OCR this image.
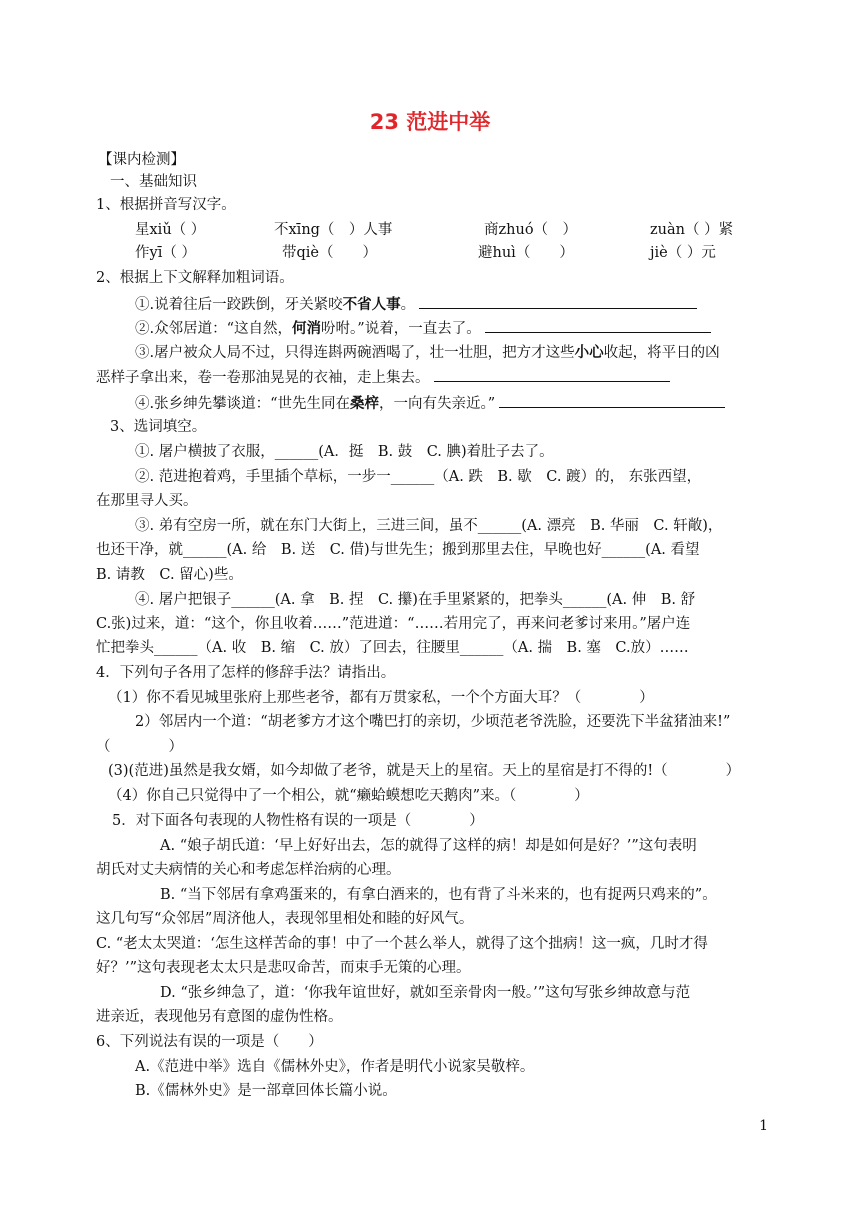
23 范进中举
【课内检测】
一、基础知识
1、根据拼音写汉字。
星xiǔ（ ）	不xīng（　）人事	商zhuó（　）	zuàn（ ）紧
作yī（ ）	带qiè（　　）	避huì（　　）	jiè（ ）元
2、根据上下文解释加粗词语。
①.说着往后一跤跌倒，牙关紧咬不省人事。
②.众邻居道：“这自然，何消吩咐。”说着，一直去了。
③.屠户被众人局不过，只得连斟两碗酒喝了，壮一壮胆，把方才这些小心收起，将平日的凶
恶样子拿出来，卷一卷那油晃晃的衣袖，走上集去。
④.张乡绅先攀谈道：“世先生同在桑梓，一向有失亲近。”
3、选词填空。
①. 屠户横披了衣服，______(A．挺　B. 鼓　C. 腆)着肚子去了。
②. 范进抱着鸡，手里插个草标，一步一______（A. 跌　B. 歇　C. 踱）的， 东张西望，
在那里寻人买。
③. 弟有空房一所，就在东门大街上，三进三间，虽不______(A. 漂亮　B. 华丽　C. 轩敞)，
也还干净，就______(A. 给　B. 送　C. 借)与世先生；搬到那里去住，早晚也好______(A. 看望
B. 请教　C. 留心)些。
④. 屠户把银子______(A. 拿　B. 捏　C. 攥)在手里紧紧的，把拳头______(A. 伸　B. 舒
C.张)过来，道：“这个，你且收着……”范进道：“……若用完了，再来问老爹讨来用。”屠户连
忙把拳头______（A. 收　B. 缩　C. 放）了回去，往腰里______（A. 揣　B. 塞　C.放）……
4．下列句子各用了怎样的修辞手法？请指出。
（1）你不看见城里张府上那些老爷，都有万贯家私，一个个方面大耳？（　　　　）
2）邻居内一个道：“胡老爹方才这个嘴巴打的亲切，少顷范老爷洗脸，还要洗下半盆猪油来!”
（　　　　）
(3)(范进)虽然是我女婿，如今却做了老爷，就是天上的星宿。天上的星宿是打不得的!（　　　　）
（4）你自己只觉得中了一个相公，就“癞蛤蟆想吃天鹅肉”来。（　　　　）
5．对下面各句表现的人物性格有误的一项是（　　　　）
A. “娘子胡氏道：‘早上好好出去，怎的就得了这样的病！却是如何是好？’”这句表明
胡氏对丈夫病情的关心和考虑怎样治病的心理。
B. “当下邻居有拿鸡蛋来的，有拿白酒来的，也有背了斗米来的，也有捉两只鸡来的”。
这几句写“众邻居”周济他人，表现邻里相处和睦的好风气。
C. “老太太哭道：‘怎生这样苦命的事！中了一个甚么举人，就得了这个拙病！这一疯，几时才得
好？’”这句表现老太太只是悲叹命苦，而束手无策的心理。
D. “张乡绅急了，道：‘你我年谊世好，就如至亲骨肉一般。’”这句写张乡绅故意与范
进亲近，表现他另有意图的虚伪性格。
6、下列说法有误的一项是（　　）
A.《范进中举》选自《儒林外史》，作者是明代小说家吴敬梓。
B.《儒林外史》是一部章回体长篇小说。
1
